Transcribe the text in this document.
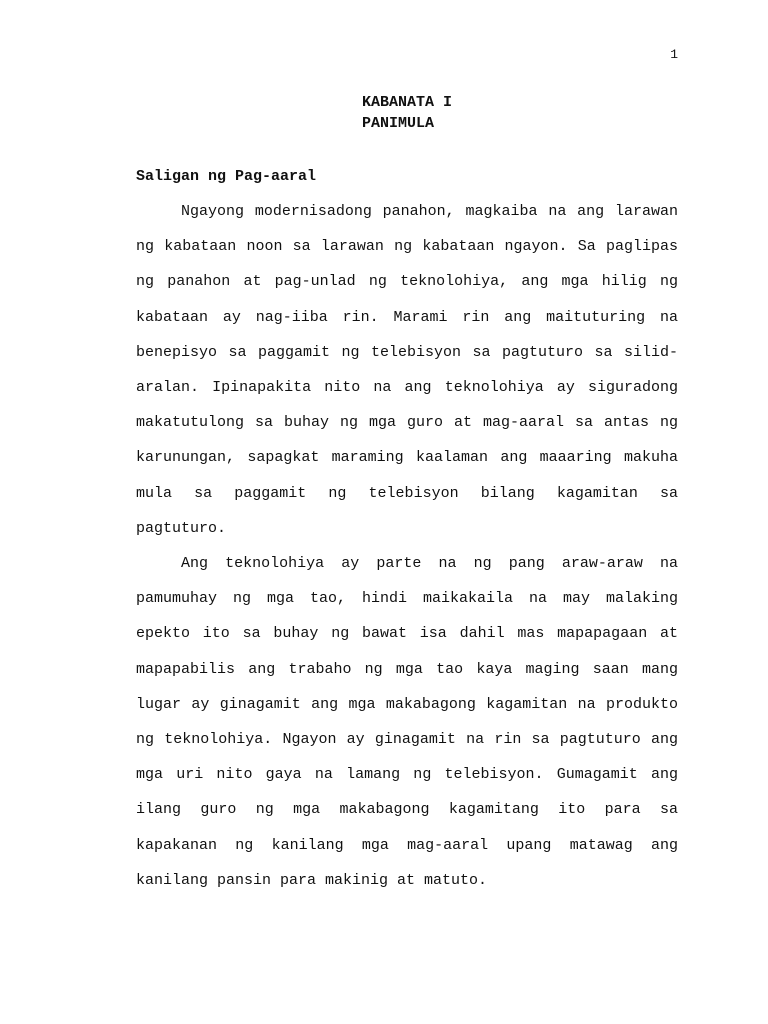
1
KABANATA I
PANIMULA
Saligan ng Pag-aaral

Ngayong modernisadong panahon, magkaiba na ang larawan ng kabataan noon sa larawan ng kabataan ngayon. Sa paglipas ng panahon at pag-unlad ng teknolohiya, ang mga hilig ng kabataan ay nag-iiba rin. Marami rin ang maituturing na benepisyo sa paggamit ng telebisyon sa pagtuturo sa silid-aralan. Ipinapakita nito na ang teknolohiya ay siguradong makatutulong sa buhay ng mga guro at mag-aaral sa antas ng karunungan, sapagkat maraming kaalaman ang maaaring makuha mula sa paggamit ng telebisyon bilang kagamitan sa pagtuturo.

Ang teknolohiya ay parte na ng pang araw-araw na pamumuhay ng mga tao, hindi maikakaila na may malaking epekto ito sa buhay ng bawat isa dahil mas mapapagaan at mapapabilis ang trabaho ng mga tao kaya maging saan mang lugar ay ginagamit ang mga makabagong kagamitan na produkto ng teknolohiya. Ngayon ay ginagamit na rin sa pagtuturo ang mga uri nito gaya na lamang ng telebisyon. Gumagamit ang ilang guro ng mga makabagong kagamitang ito para sa kapakanan ng kanilang mga mag-aaral upang matawag ang kanilang pansin para makinig at matuto.
